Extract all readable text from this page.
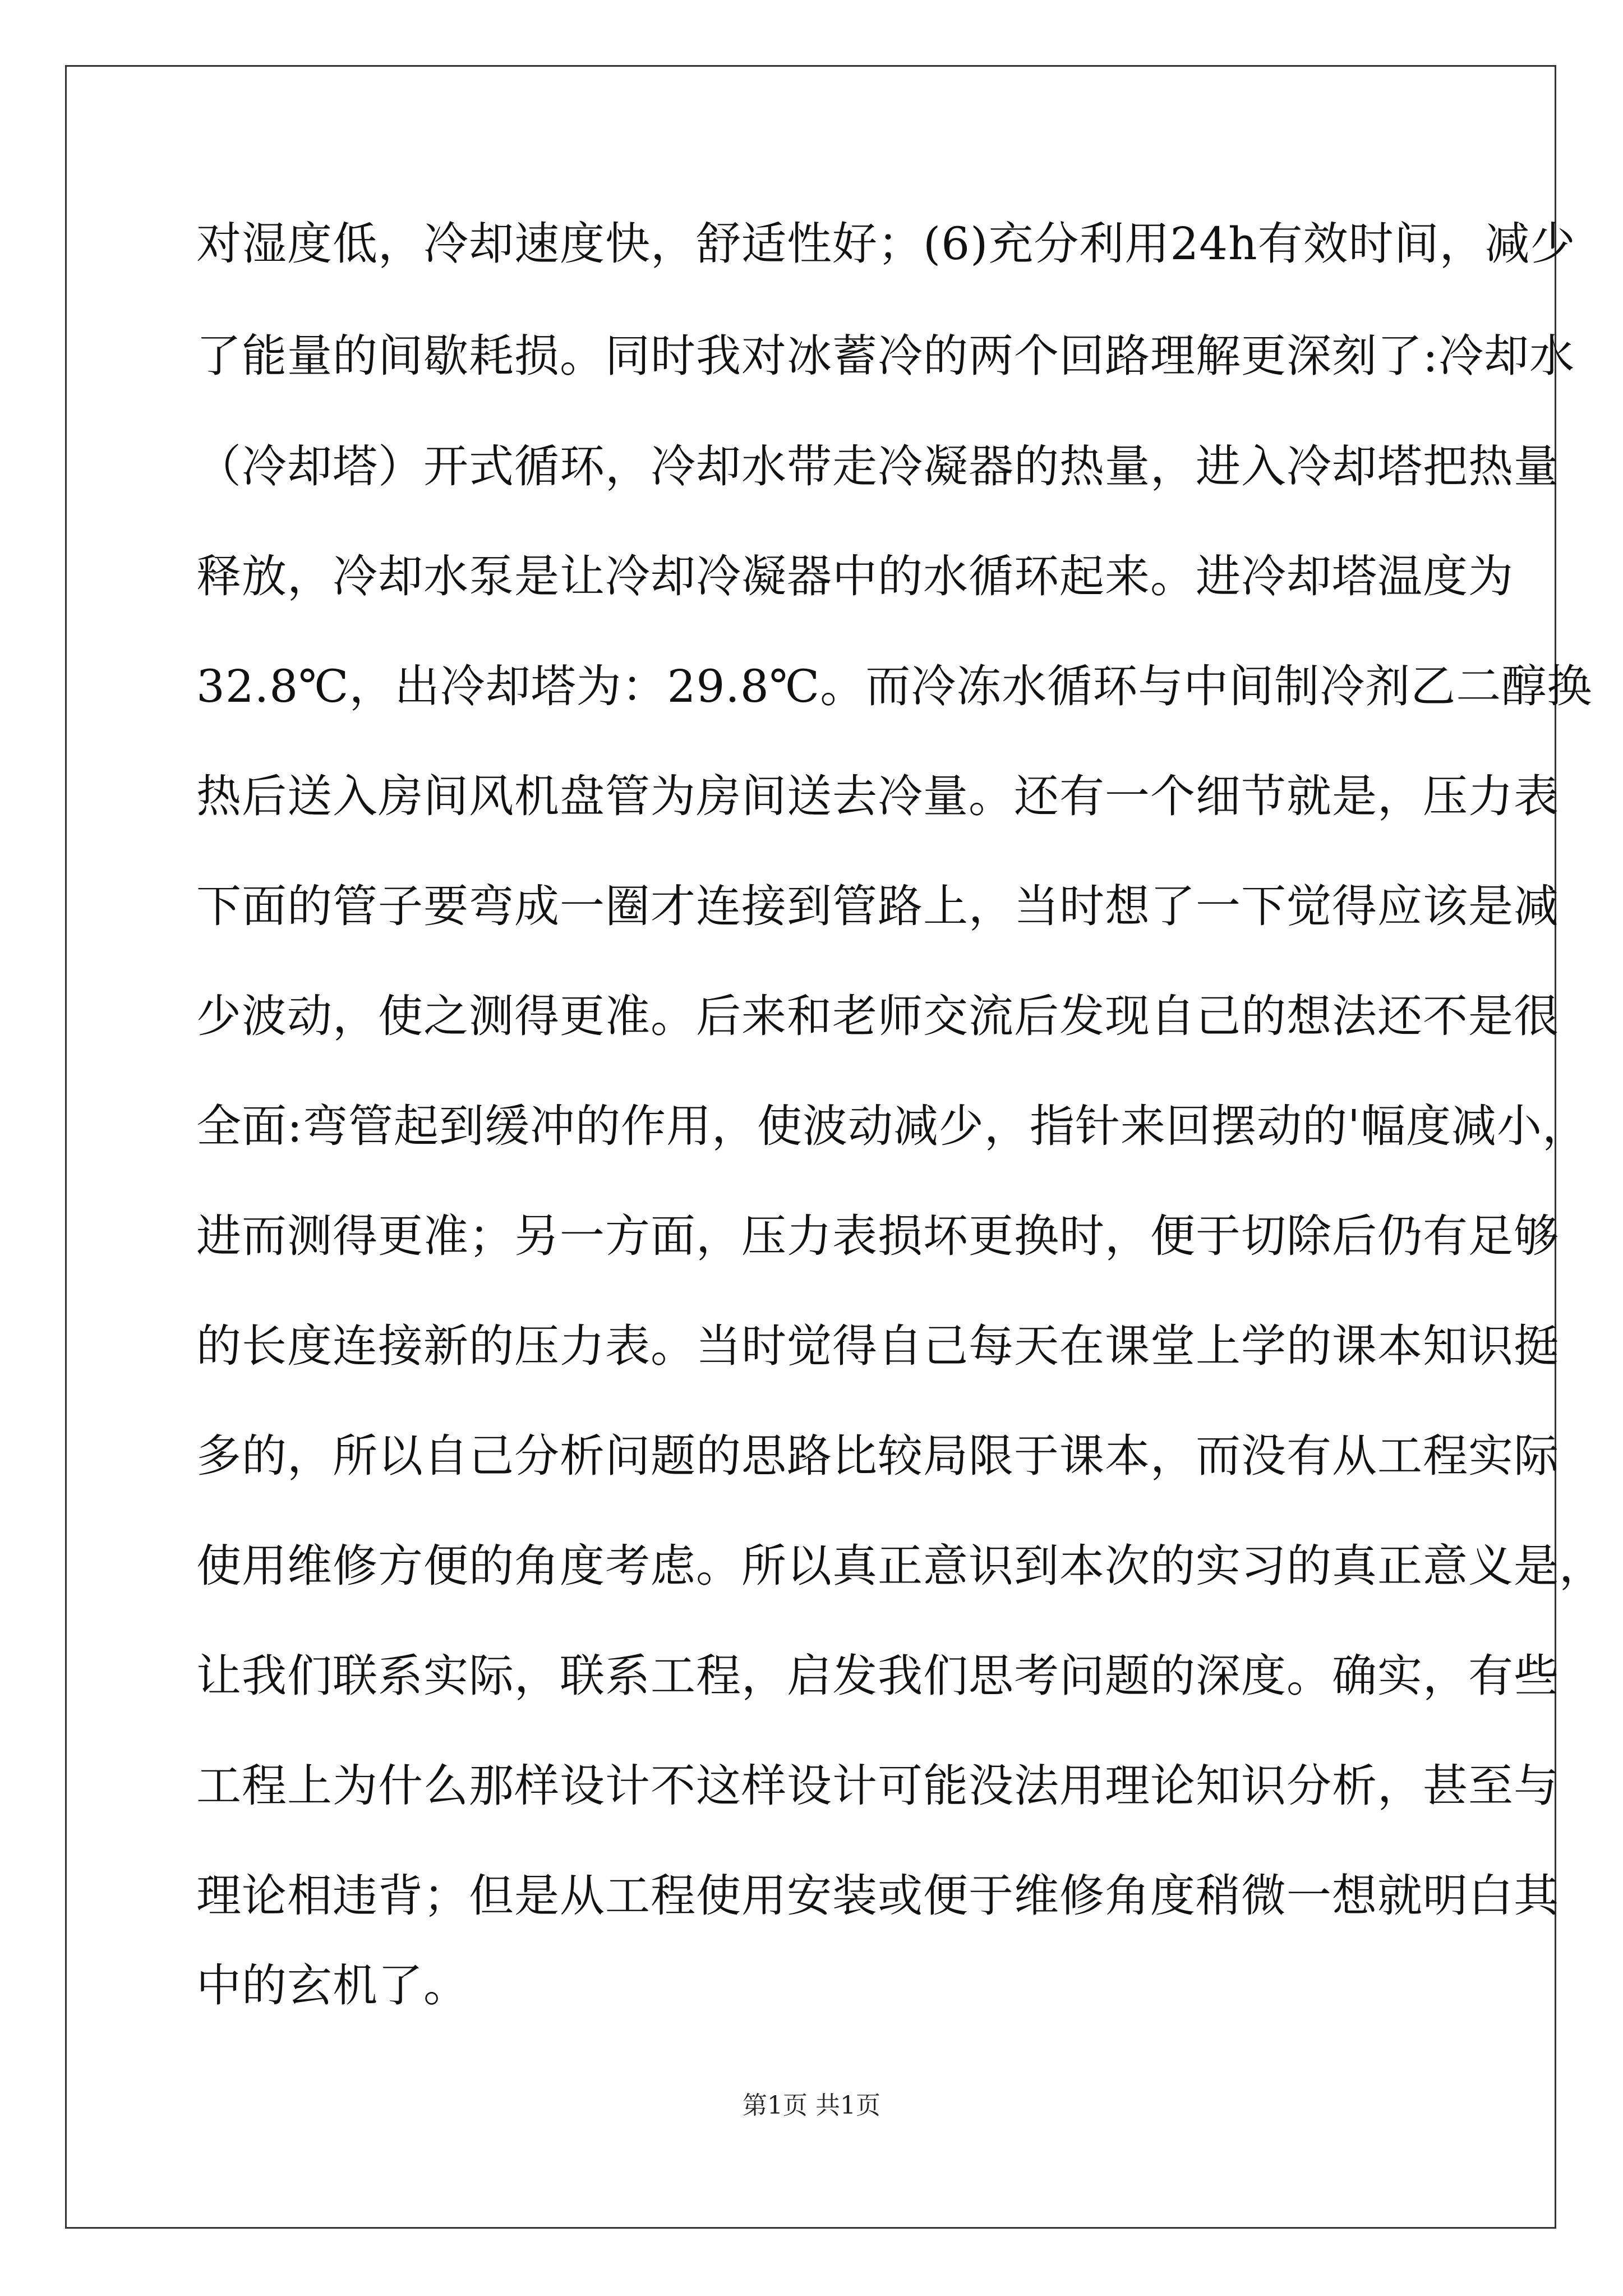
对湿度低，冷却速度快，舒适性好；(6)充分利用24h有效时间，减少
了能量的间歇耗损。同时我对冰蓄冷的两个回路理解更深刻了:冷却水
（冷却塔）开式循环，冷却水带走冷凝器的热量，进入冷却塔把热量
释放，冷却水泵是让冷却冷凝器中的水循环起来。进冷却塔温度为
32.8℃，出冷却塔为：29.8℃。而冷冻水循环与中间制冷剂乙二醇换
热后送入房间风机盘管为房间送去冷量。还有一个细节就是，压力表
下面的管子要弯成一圈才连接到管路上，当时想了一下觉得应该是减
少波动，使之测得更准。后来和老师交流后发现自己的想法还不是很
全面:弯管起到缓冲的作用，使波动减少，指针来回摆动的'幅度减小，
进而测得更准；另一方面，压力表损坏更换时，便于切除后仍有足够
的长度连接新的压力表。当时觉得自己每天在课堂上学的课本知识挺
多的，所以自己分析问题的思路比较局限于课本，而没有从工程实际
使用维修方便的角度考虑。所以真正意识到本次的实习的真正意义是，
让我们联系实际，联系工程，启发我们思考问题的深度。确实，有些
工程上为什么那样设计不这样设计可能没法用理论知识分析，甚至与
理论相违背；但是从工程使用安装或便于维修角度稍微一想就明白其
中的玄机了。
第1页 共1页
